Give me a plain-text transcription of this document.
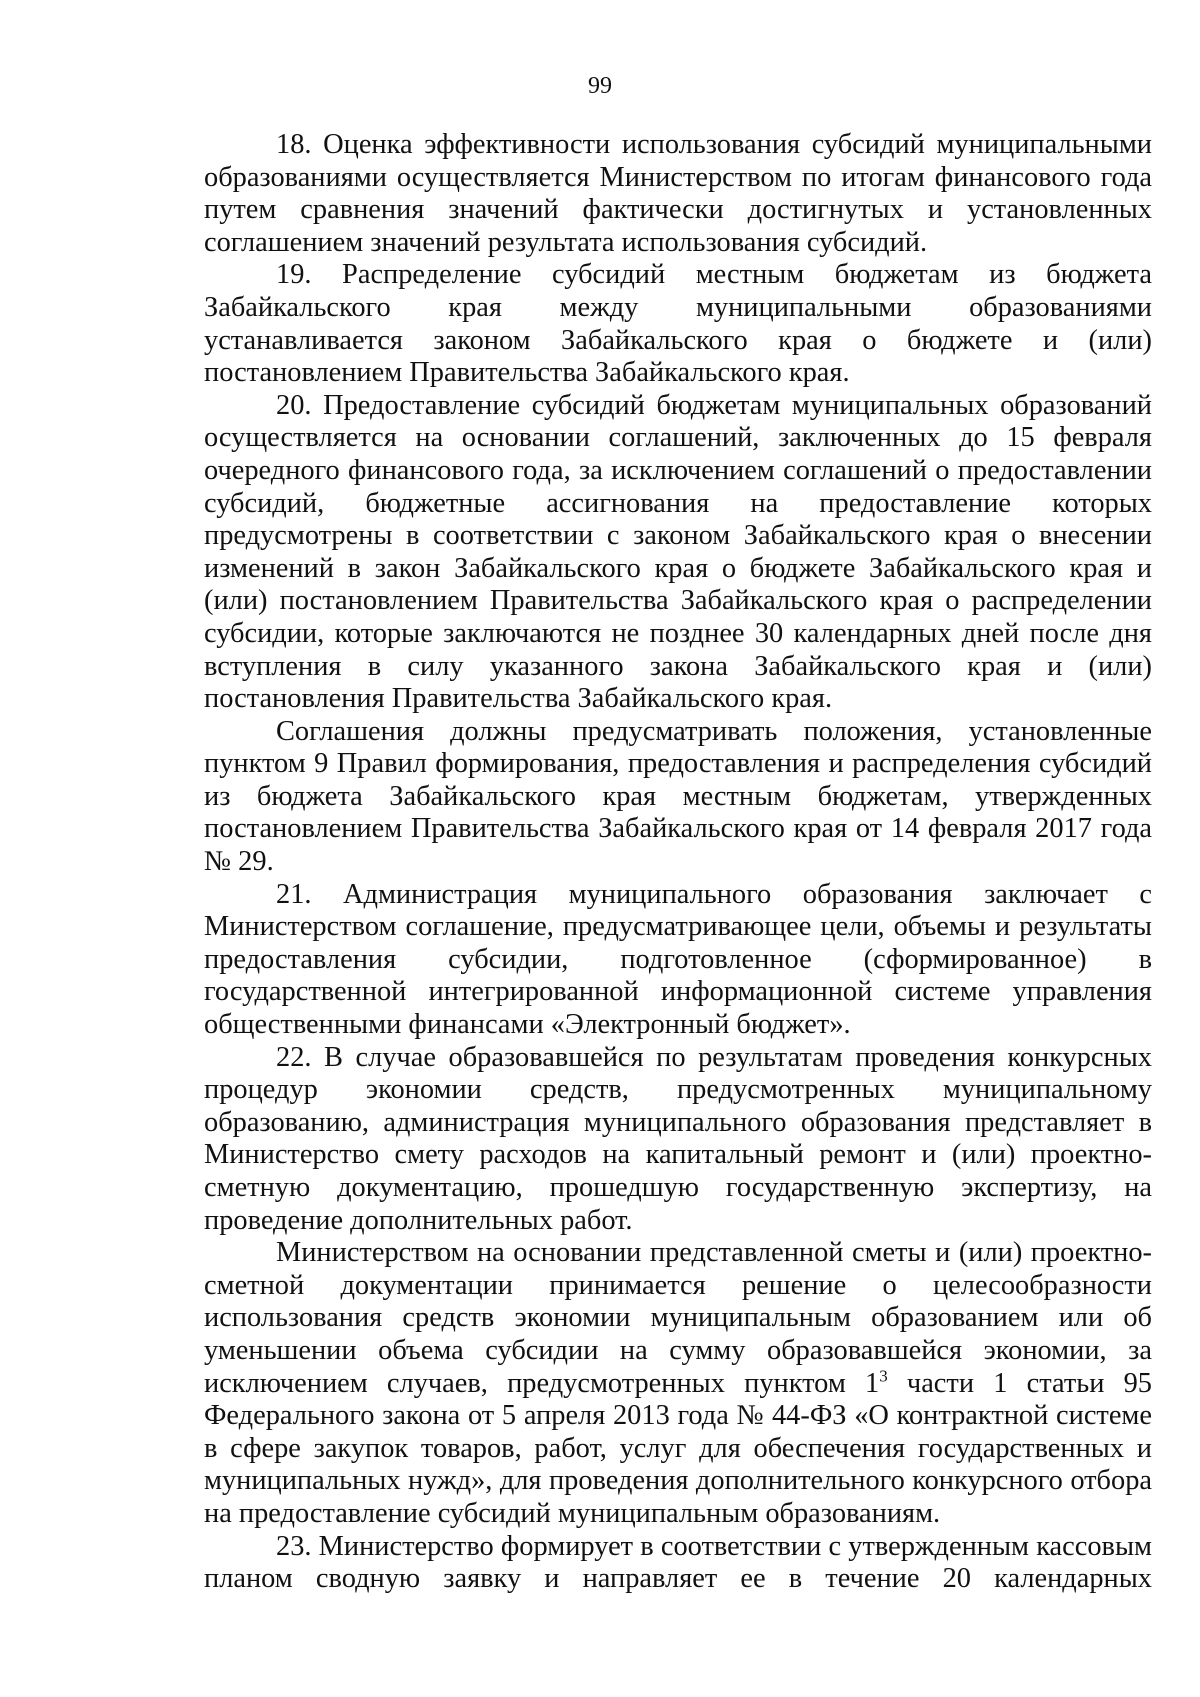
99

18. Оценка эффективности использования субсидий муниципальными образованиями осуществляется Министерством по итогам финансового года путем сравнения значений фактически достигнутых и установленных соглашением значений результата использования субсидий.

19. Распределение субсидий местным бюджетам из бюджета Забайкальского края между муниципальными образованиями устанавливается законом Забайкальского края о бюджете и (или) постановлением Правительства Забайкальского края.

20. Предоставление субсидий бюджетам муниципальных образований осуществляется на основании соглашений, заключенных до 15 февраля очередного финансового года, за исключением соглашений о предоставлении субсидий, бюджетные ассигнования на предоставление которых предусмотрены в соответствии с законом Забайкальского края о внесении изменений в закон Забайкальского края о бюджете Забайкальского края и (или) постановлением Правительства Забайкальского края о распределении субсидии, которые заключаются не позднее 30 календарных дней после дня вступления в силу указанного закона Забайкальского края и (или) постановления Правительства Забайкальского края.

Соглашения должны предусматривать положения, установленные пунктом 9 Правил формирования, предоставления и распределения субсидий из бюджета Забайкальского края местным бюджетам, утвержденных постановлением Правительства Забайкальского края от 14 февраля 2017 года № 29.

21. Администрация муниципального образования заключает с Министерством соглашение, предусматривающее цели, объемы и результаты предоставления субсидии, подготовленное (сформированное) в государственной интегрированной информационной системе управления общественными финансами «Электронный бюджет».

22. В случае образовавшейся по результатам проведения конкурсных процедур экономии средств, предусмотренных муниципальному образованию, администрация муниципального образования представляет в Министерство смету расходов на капитальный ремонт и (или) проектно-сметную документацию, прошедшую государственную экспертизу, на проведение дополнительных работ.

Министерством на основании представленной сметы и (или) проектно-сметной документации принимается решение о целесообразности использования средств экономии муниципальным образованием или об уменьшении объема субсидии на сумму образовавшейся экономии, за исключением случаев, предусмотренных пунктом $1^3$ части 1 статьи 95 Федерального закона от 5 апреля 2013 года № 44-ФЗ «О контрактной системе в сфере закупок товаров, работ, услуг для обеспечения государственных и муниципальных нужд», для проведения дополнительного конкурсного отбора на предоставление субсидий муниципальным образованиям.

23. Министерство формирует в соответствии с утвержденным кассовым планом сводную заявку и направляет ее в течение 20 календарных
